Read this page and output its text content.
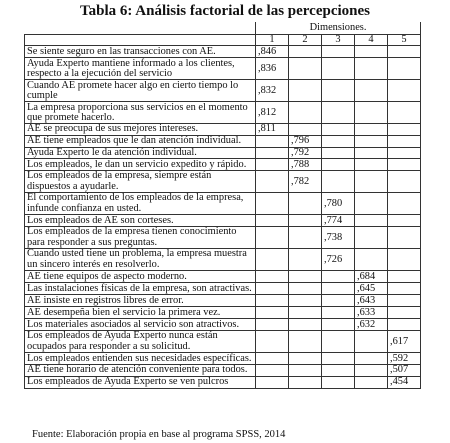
Tabla 6: Análisis factorial de las percepciones
	Dimensiones.				
	1	2	3	4	5
Se siente seguro en las transacciones con AE.	,846				
Ayuda Experto mantiene informado a los clientes, respecto a la ejecución del servicio	,836				
Cuando AE promete hacer algo en cierto tiempo lo cumple	,832				
La empresa proporciona sus servicios en el momento que promete hacerlo.	,812				
AE se preocupa de sus mejores intereses.	,811				
AE tiene empleados que le dan atención individual.		,796			
Ayuda Experto le da atención individual.		,792			
Los empleados, le dan un servicio expedito y rápido.		,788			
Los empleados de la empresa, siempre están dispuestos a ayudarle.		,782			
El comportamiento de los empleados de la empresa, infunde confianza en usted.			,780		
Los empleados de AE son corteses.			,774		
Los empleados de la empresa tienen conocimiento para responder a sus preguntas.			,738		
Cuando usted tiene un problema, la empresa muestra un sincero interés en resolverlo.			,726		
AE tiene equipos de aspecto moderno.				,684	
Las instalaciones físicas de la empresa, son atractivas.				,645	
AE insiste en registros libres de error.				,643	
AE desempeña bien el servicio la primera vez.				,633	
Los materiales asociados al servicio son atractivos.				,632	
Los empleados de Ayuda Experto nunca están ocupados para responder a su solicitud.					,617
Los empleados entienden sus necesidades específicas.					,592
AE tiene horario de atención conveniente para todos.					,507
Los empleados de Ayuda Experto se ven pulcros					,454
Fuente: Elaboración propia en base al programa SPSS, 2014
